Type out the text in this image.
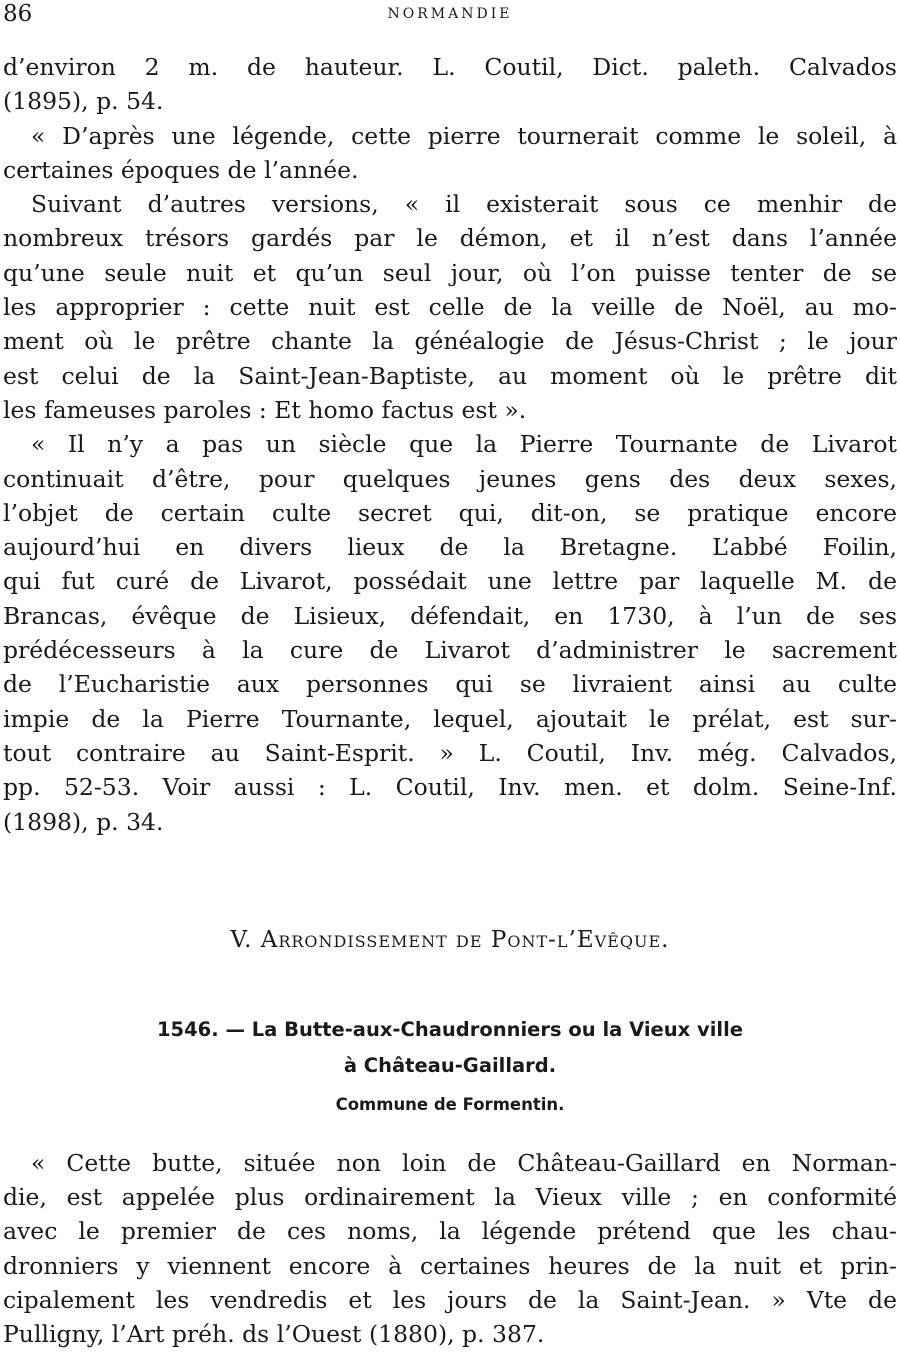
86	NORMANDIE
d’environ 2 m. de hauteur. L. Coutil, Dict. paleth. Calvados
(1895), p. 54.
« D’après une légende, cette pierre tournerait comme le soleil, à
certaines époques de l’année.
Suivant d’autres versions, « il existerait sous ce menhir de
nombreux trésors gardés par le démon, et il n’est dans l’année
qu’une seule nuit et qu’un seul jour, où l’on puisse tenter de se
les approprier : cette nuit est celle de la veille de Noël, au mo-
ment où le prêtre chante la généalogie de Jésus-Christ ; le jour
est celui de la Saint-Jean-Baptiste, au moment où le prêtre dit
les fameuses paroles : Et homo factus est ».
« Il n’y a pas un siècle que la Pierre Tournante de Livarot
continuait d’être, pour quelques jeunes gens des deux sexes,
l’objet de certain culte secret qui, dit-on, se pratique encore
aujourd’hui en divers lieux de la Bretagne. L’abbé Foilin,
qui fut curé de Livarot, possédait une lettre par laquelle M. de
Brancas, évêque de Lisieux, défendait, en 1730, à l’un de ses
prédécesseurs à la cure de Livarot d’administrer le sacrement
de l’Eucharistie aux personnes qui se livraient ainsi au culte
impie de la Pierre Tournante, lequel, ajoutait le prélat, est sur-
tout contraire au Saint-Esprit. » L. Coutil, Inv. még. Calvados,
pp. 52-53. Voir aussi : L. Coutil, Inv. men. et dolm. Seine-Inf.
(1898), p. 34.
V. Arrondissement de Pont-l’Evêque.
1546. — La Butte-aux-Chaudronniers ou la Vieux ville
à Château-Gaillard.
Commune de Formentin.
« Cette butte, située non loin de Château-Gaillard en Norman-
die, est appelée plus ordinairement la Vieux ville ; en conformité
avec le premier de ces noms, la légende prétend que les chau-
dronniers y viennent encore à certaines heures de la nuit et prin-
cipalement les vendredis et les jours de la Saint-Jean. » Vte de
Pulligny, l’Art préh. ds l’Ouest (1880), p. 387.
